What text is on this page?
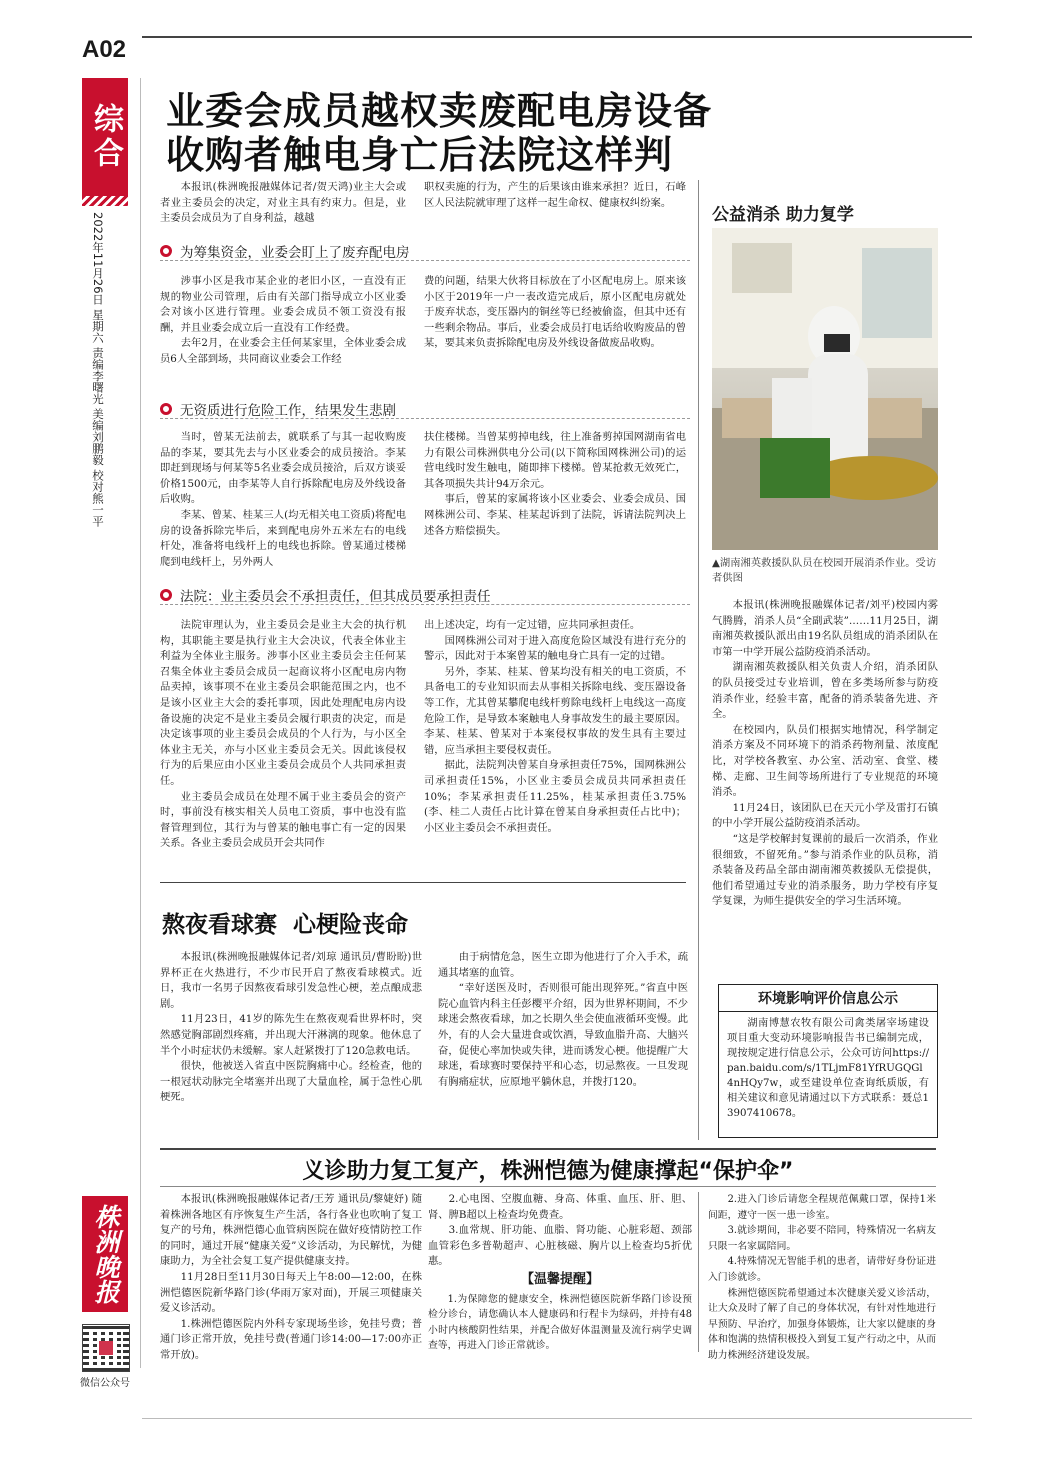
A02
综合
2022年11月26日 星期六 责编李曙光 美编刘鹏毅 校对熊一平
株洲晚报
微信公众号
业委会成员越权卖废配电房设备
收购者触电身亡后法院这样判

本报讯(株洲晚报融媒体记者/贺天鸿)业主大会或者业主委员会的决定，对业主具有约束力。但是，业主委员会成员为了自身利益，越越

职权卖施的行为，产生的后果该由谁来承担？近日，石峰区人民法院就审理了这样一起生命权、健康权纠纷案。

为筹集资金，业委会盯上了废弃配电房

涉事小区是我市某企业的老旧小区，一直没有正规的物业公司管理，后由有关部门指导成立小区业委会对该小区进行管理。业委会成员不领工资没有报酬，并且业委会成立后一直没有工作经费。

去年2月，在业委会主任何某家里，全体业委会成员6人全部到场，共同商议业委会工作经

费的问题，结果大伙将目标放在了小区配电房上。原来该小区于2019年一户一表改造完成后，原小区配电房就处于废弃状态，变压器内的铜丝等已经被偷盗，但其中还有一些剩余物品。事后，业委会成员打电话给收购废品的曾某，要其来负责拆除配电房及外线设备做废品收购。

无资质进行危险工作，结果发生悲剧

当时，曾某无法前去，就联系了与其一起收购废品的李某，要其先去与小区业委会的成员接洽。李某即赶到现场与何某等5名业委会成员接洽，后双方谈妥价格1500元，由李某等人自行拆除配电房及外线设备后收购。

李某、曾某、桂某三人(均无相关电工资质)将配电房的设备拆除完毕后，来到配电房外五米左右的电线杆处，准备将电线杆上的电线也拆除。曾某通过楼梯爬到电线杆上，另外两人

扶住楼梯。当曾某剪掉电线，往上准备剪掉国网湖南省电力有限公司株洲供电分公司(以下简称国网株洲公司)的运营电线时发生触电，随即摔下楼梯。曾某抢救无效死亡，其各项损失共计94万余元。

事后，曾某的家属将该小区业委会、业委会成员、国网株洲公司、李某、桂某起诉到了法院，诉请法院判决上述各方赔偿损失。

法院：业主委员会不承担责任，但其成员要承担责任

法院审理认为，业主委员会是业主大会的执行机构，其职能主要是执行业主大会决议，代表全体业主利益为全体业主服务。涉事小区业主委员会主任何某召集全体业主委员会成员一起商议将小区配电房内物品卖掉，该事项不在业主委员会职能范围之内，也不是该小区业主大会的委托事项，因此处理配电房内设备设施的决定不是业主委员会履行职责的决定，而是决定该事项的业主委员会成员的个人行为，与小区全体业主无关，亦与小区业主委员会无关。因此该侵权行为的后果应由小区业主委员会成员个人共同承担责任。

业主委员会成员在处理不属于业主委员会的资产时，事前没有核实相关人员电工资质，事中也没有监督管理到位，其行为与曾某的触电事亡有一定的因果关系。各业主委员会成员开会共同作

出上述决定，均有一定过错，应共同承担责任。

国网株洲公司对于进入高度危险区域没有进行充分的警示，因此对于本案曾某的触电身亡具有一定的过错。

另外，李某、桂某、曾某均没有相关的电工资质，不具备电工的专业知识而去从事相关拆除电线、变压器设备等工作，尤其曾某攀爬电线杆剪除电线杆上电线这一高度危险工作，是导致本案触电人身事故发生的最主要原因。李某、桂某、曾某对于本案侵权事故的发生具有主要过错，应当承担主要侵权责任。

据此，法院判决曾某自身承担责任75%，国网株洲公司承担责任15%，小区业主委员会成员共同承担责任10%；李某承担责任11.25%，桂某承担责任3.75%(李、桂二人责任占比计算在曾某自身承担责任占比中)；小区业主委员会不承担责任。

公益消杀 助力复学
▲湖南湘英救援队队员在校园开展消杀作业。受访者供图

本报讯(株洲晚报融媒体记者/刘平)校园内雾气腾腾，消杀人员“全副武装”……11月25日，湖南湘英救援队派出由19名队员组成的消杀团队在市第一中学开展公益防疫消杀活动。

湖南湘英救援队相关负责人介绍，消杀团队的队员接受过专业培训，曾在多类场所参与防疫消杀作业，经验丰富，配备的消杀装备先进、齐全。

在校园内，队员们根据实地情况，科学制定消杀方案及不同环境下的消杀药物剂量、浓度配比，对学校各教室、办公室、活动室、食堂、楼梯、走廊、卫生间等场所进行了专业规范的环境消杀。

11月24日，该团队已在天元小学及雷打石镇的中小学开展公益防疫消杀活动。

“这是学校解封复课前的最后一次消杀，作业很细致，不留死角。”参与消杀作业的队员称，消杀装备及药品全部由湖南湘英救援队无偿提供，他们希望通过专业的消杀服务，助力学校有序复学复课，为师生提供安全的学习生活环境。

熬夜看球赛  心梗险丧命

本报讯(株洲晚报融媒体记者/刘琼 通讯员/曹盼盼)世界杯正在火热进行，不少市民开启了熬夜看球模式。近日，我市一名男子因熬夜看球引发急性心梗，差点酿成悲剧。

11月23日，41岁的陈先生在熬夜观看世界杯时，突然感觉胸部剧烈疼痛，并出现大汗淋漓的现象。他休息了半个小时症状仍未缓解。家人赶紧拨打了120急救电话。

很快，他被送入省直中医院胸痛中心。经检查，他的一根冠状动脉完全堵塞并出现了大量血栓，属于急性心肌梗死。

由于病情危急，医生立即为他进行了介入手术，疏通其堵塞的血管。

“幸好送医及时，否则很可能出现猝死。”省直中医院心血管内科主任彭樱平介绍，因为世界杯期间，不少球迷会熬夜看球，加之长期久坐会使血液循环变慢。此外，有的人会大量进食或饮酒，导致血脂升高、大脑兴奋，促使心率加快或失律，进而诱发心梗。他提醒广大球迷，看球赛时要保持平和心态，切忌熬夜。一旦发现有胸痛症状，应原地平躺休息，并拨打120。

环境影响评价信息公示
湖南博慧农牧有限公司禽类屠宰场建设项目重大变动环境影响报告书已编制完成，现按规定进行信息公示，公众可访问https://pan.baidu.com/s/1TLjmF81YfRUGQGl4nHQy7w，或至建设单位查询纸质版，有相关建议和意见请通过以下方式联系：聂总13907410678。
义诊助力复工复产，株洲恺德为健康撑起“保护伞”

本报讯(株洲晚报融媒体记者/王芳 通讯员/黎婕妤) 随着株洲各地区有序恢复生产生活，各行各业也吹响了复工复产的号角，株洲恺德心血管病医院在做好疫情防控工作的同时，通过开展“健康关爱”义诊活动，为民解忧，为健康助力，为全社会复工复产提供健康支持。

11月28日至11月30日每天上午8:00—12:00，在株洲恺德医院新华路门诊(华雨万家对面)，开展三项健康关爱义诊活动。

1.株洲恺德医院内外科专家现场坐诊，免挂号费；普通门诊正常开放，免挂号费(普通门诊14:00—17:00亦正常开放)。

2.心电图、空腹血糖、身高、体重、血压、肝、胆、肾、脾B超以上检查均免费查。

3.血常规、肝功能、血脂、肾功能、心脏彩超、颈部血管彩色多普勒超声、心脏核磁、胸片以上检查均5折优惠。

【温馨提醒】

1.为保障您的健康安全，株洲恺德医院新华路门诊设预检分诊台，请您确认本人健康码和行程卡为绿码，并持有48小时内核酸阴性结果，并配合做好体温测量及流行病学史调查等，再进入门诊正常就诊。

2.进入门诊后请您全程规范佩戴口罩，保持1米间距，遵守一医一患一诊室。

3.就诊期间，非必要不陪同，特殊情况一名病友只限一名家属陪同。

4.特殊情况无智能手机的患者，请带好身份证进入门诊就诊。

株洲恺德医院希望通过本次健康关爱义诊活动，让大众及时了解了自己的身体状况，有针对性地进行早预防、早治疗，加强身体锻炼，让大家以健康的身体和饱满的热情积极投入到复工复产行动之中，从而助力株洲经济建设发展。
